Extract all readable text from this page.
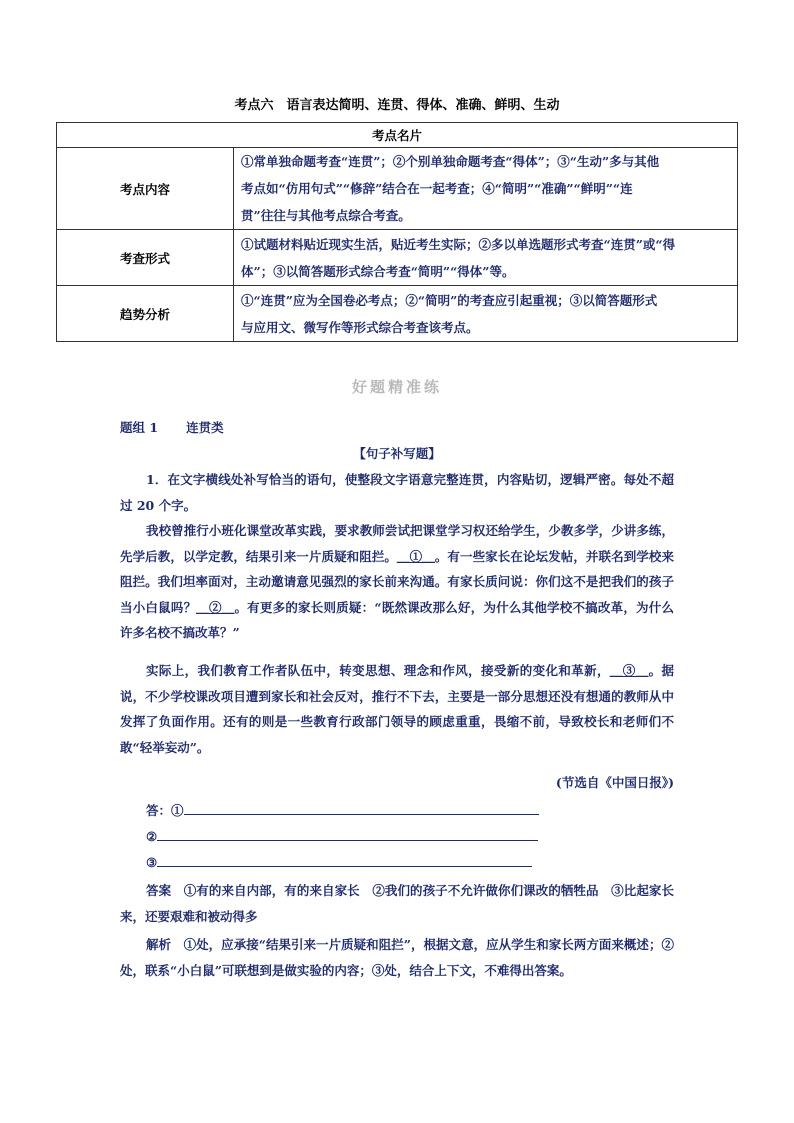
考点六　语言表达简明、连贯、得体、准确、鲜明、生动
考点名片	
考点内容	①常单独命题考查“连贯”；②个别单独命题考查“得体”；③“生动”多与其他
考点如“仿用句式”“修辞”结合在一起考查；④“简明”“准确”“鲜明”“连
贯”往往与其他考点综合考查。

考查形式	①试题材料贴近现实生活，贴近考生实际；②多以单选题形式考查“连贯”或“得
体”；③以简答题形式综合考查“简明”“得体”等。

趋势分析	①“连贯”应为全国卷必考点；②“简明”的考查应引起重视；③以简答题形式
与应用文、微写作等形式综合考查该考点。
好题精准练
题组 1 连贯类
【句子补写题】
1．在文字横线处补写恰当的语句，使整段文字语意完整连贯，内容贴切，逻辑严密。每处不超过 20 个字。
我校曾推行小班化课堂改革实践，要求教师尝试把课堂学习权还给学生，少教多学，少讲多练，先学后教，以学定教，结果引来一片质疑和阻拦。＿①＿。有一些家长在论坛发帖，并联名到学校来阻拦。我们坦率面对，主动邀请意见强烈的家长前来沟通。有家长质问说：你们这不是把我们的孩子当小白鼠吗？＿②＿。有更多的家长则质疑：“既然课改那么好，为什么其他学校不搞改革，为什么许多名校不搞改革？”
实际上，我们教育工作者队伍中，转变思想、理念和作风，接受新的变化和革新，＿③＿。据说，不少学校课改项目遭到家长和社会反对，推行不下去，主要是一部分思想还没有想通的教师从中发挥了负面作用。还有的则是一些教育行政部门领导的顾虑重重，畏缩不前，导致校长和老师们不敢“轻举妄动”。
(节选自《中国日报》)
答：①
②
③
答案　 ①有的来自内部，有的来自家长　②我们的孩子不允许做你们课改的牺牲品　③比起家长来，还要艰难和被动得多
解析　 ①处，应承接“结果引来一片质疑和阻拦”，根据文意，应从学生和家长两方面来概述；②处，联系“小白鼠”可联想到是做实验的内容；③处，结合上下文，不难得出答案。
